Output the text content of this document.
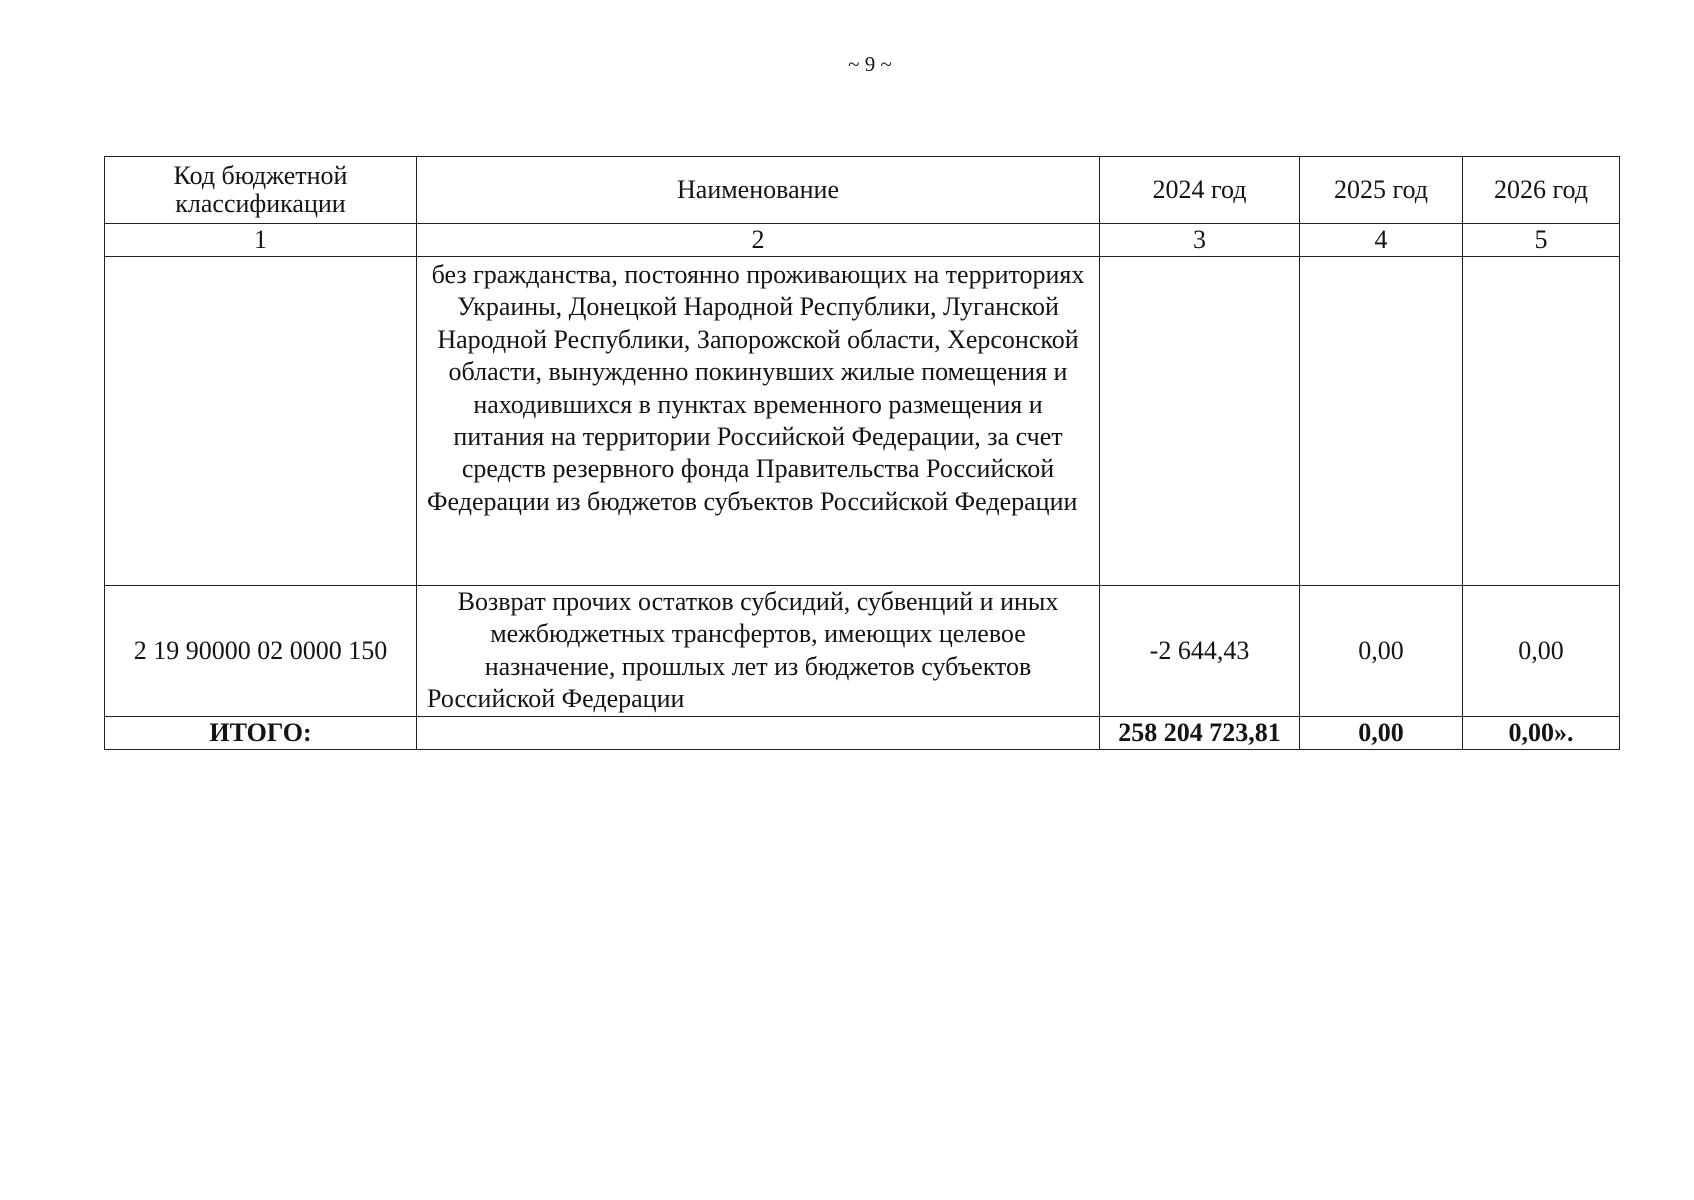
~ 9 ~
Код бюджетной классификации	Наименование	2024 год	2025 год	2026 год
1	2	3	4	5
	без гражданства, постоянно проживающих на территориях Украины, Донецкой Народной Республики, Луганской Народной Республики, Запорожской области, Херсонской области, вынужденно покинувших жилые помещения и находившихся в пунктах временного размещения и питания на территории Российской Федерации, за счет средств резервного фонда Правительства Российской Федерации из бюджетов субъектов Российской Федерации			
2 19 90000 02 0000 150	Возврат прочих остатков субсидий, субвенций и иных межбюджетных трансфертов, имеющих целевое назначение, прошлых лет из бюджетов субъектов Российской Федерации	-2 644,43	0,00	0,00
ИТОГО:		258 204 723,81	0,00	0,00».
